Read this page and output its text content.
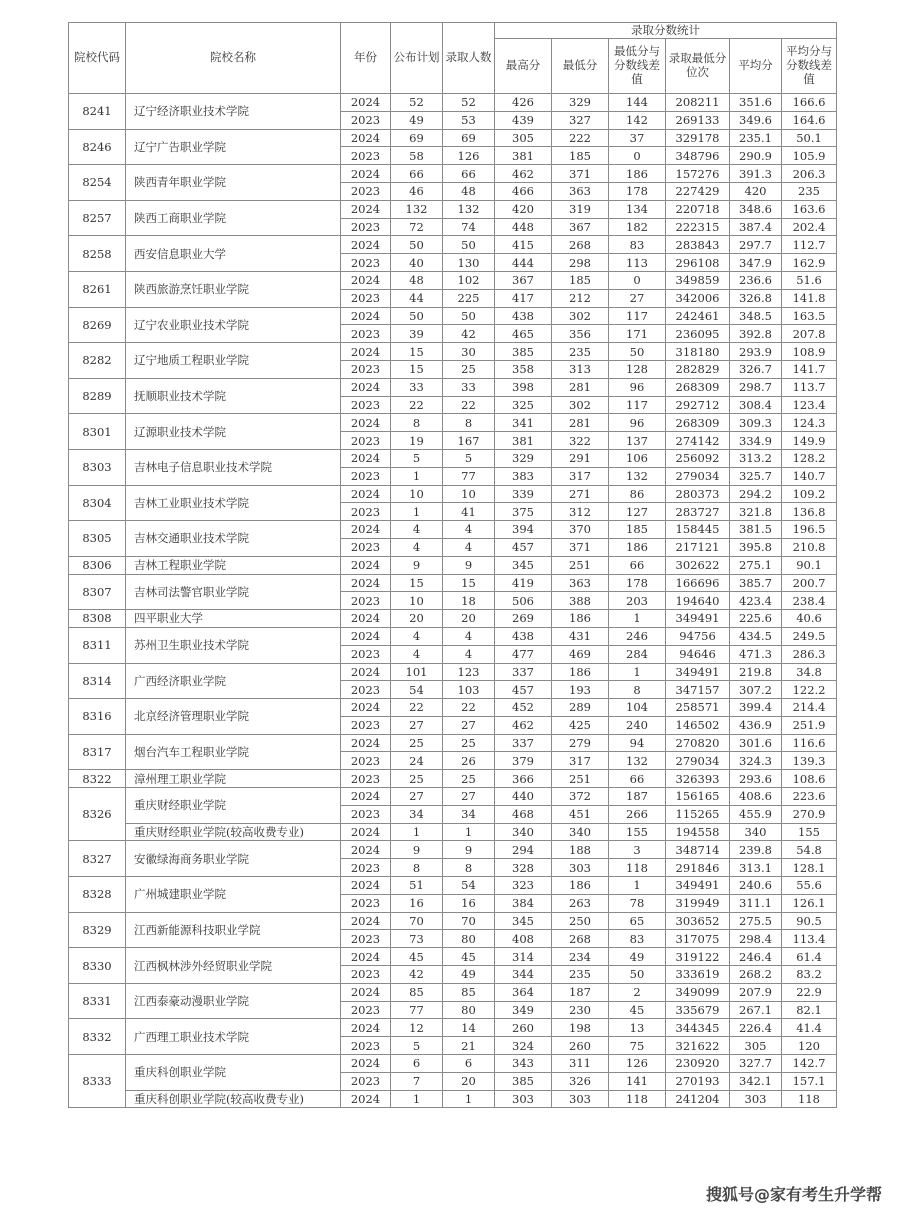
院校代码	院校名称	年份	公布计划	录取人数	录取分数统计					
					最高分	最低分	最低分与分数线差值	录取最低分位次	平均分	平均分与分数线差值
8241	辽宁经济职业技术学院	2024	52	52	426	329	144	208211	351.6	166.6
		2023	49	53	439	327	142	269133	349.6	164.6
8246	辽宁广告职业学院	2024	69	69	305	222	37	329178	235.1	50.1
		2023	58	126	381	185	0	348796	290.9	105.9
8254	陕西青年职业学院	2024	66	66	462	371	186	157276	391.3	206.3
		2023	46	48	466	363	178	227429	420	235
8257	陕西工商职业学院	2024	132	132	420	319	134	220718	348.6	163.6
		2023	72	74	448	367	182	222315	387.4	202.4
8258	西安信息职业大学	2024	50	50	415	268	83	283843	297.7	112.7
		2023	40	130	444	298	113	296108	347.9	162.9
8261	陕西旅游烹饪职业学院	2024	48	102	367	185	0	349859	236.6	51.6
		2023	44	225	417	212	27	342006	326.8	141.8
8269	辽宁农业职业技术学院	2024	50	50	438	302	117	242461	348.5	163.5
		2023	39	42	465	356	171	236095	392.8	207.8
8282	辽宁地质工程职业学院	2024	15	30	385	235	50	318180	293.9	108.9
		2023	15	25	358	313	128	282829	326.7	141.7
8289	抚顺职业技术学院	2024	33	33	398	281	96	268309	298.7	113.7
		2023	22	22	325	302	117	292712	308.4	123.4
8301	辽源职业技术学院	2024	8	8	341	281	96	268309	309.3	124.3
		2023	19	167	381	322	137	274142	334.9	149.9
8303	吉林电子信息职业技术学院	2024	5	5	329	291	106	256092	313.2	128.2
		2023	1	77	383	317	132	279034	325.7	140.7
8304	吉林工业职业技术学院	2024	10	10	339	271	86	280373	294.2	109.2
		2023	1	41	375	312	127	283727	321.8	136.8
8305	吉林交通职业技术学院	2024	4	4	394	370	185	158445	381.5	196.5
		2023	4	4	457	371	186	217121	395.8	210.8
8306	吉林工程职业学院	2024	9	9	345	251	66	302622	275.1	90.1
8307	吉林司法警官职业学院	2024	15	15	419	363	178	166696	385.7	200.7
		2023	10	18	506	388	203	194640	423.4	238.4
8308	四平职业大学	2024	20	20	269	186	1	349491	225.6	40.6
8311	苏州卫生职业技术学院	2024	4	4	438	431	246	94756	434.5	249.5
		2023	4	4	477	469	284	94646	471.3	286.3
8314	广西经济职业学院	2024	101	123	337	186	1	349491	219.8	34.8
		2023	54	103	457	193	8	347157	307.2	122.2
8316	北京经济管理职业学院	2024	22	22	452	289	104	258571	399.4	214.4
		2023	27	27	462	425	240	146502	436.9	251.9
8317	烟台汽车工程职业学院	2024	25	25	337	279	94	270820	301.6	116.6
		2023	24	26	379	317	132	279034	324.3	139.3
8322	漳州理工职业学院	2023	25	25	366	251	66	326393	293.6	108.6
8326	重庆财经职业学院	2024	27	27	440	372	187	156165	408.6	223.6
		2023	34	34	468	451	266	115265	455.9	270.9
	重庆财经职业学院(较高收费专业)	2024	1	1	340	340	155	194558	340	155
8327	安徽绿海商务职业学院	2024	9	9	294	188	3	348714	239.8	54.8
		2023	8	8	328	303	118	291846	313.1	128.1
8328	广州城建职业学院	2024	51	54	323	186	1	349491	240.6	55.6
		2023	16	16	384	263	78	319949	311.1	126.1
8329	江西新能源科技职业学院	2024	70	70	345	250	65	303652	275.5	90.5
		2023	73	80	408	268	83	317075	298.4	113.4
8330	江西枫林涉外经贸职业学院	2024	45	45	314	234	49	319122	246.4	61.4
		2023	42	49	344	235	50	333619	268.2	83.2
8331	江西泰豪动漫职业学院	2024	85	85	364	187	2	349099	207.9	22.9
		2023	77	80	349	230	45	335679	267.1	82.1
8332	广西理工职业技术学院	2024	12	14	260	198	13	344345	226.4	41.4
		2023	5	21	324	260	75	321622	305	120
8333	重庆科创职业学院	2024	6	6	343	311	126	230920	327.7	142.7
		2023	7	20	385	326	141	270193	342.1	157.1
	重庆科创职业学院(较高收费专业)	2024	1	1	303	303	118	241204	303	118
搜狐号@家有考生升学帮
